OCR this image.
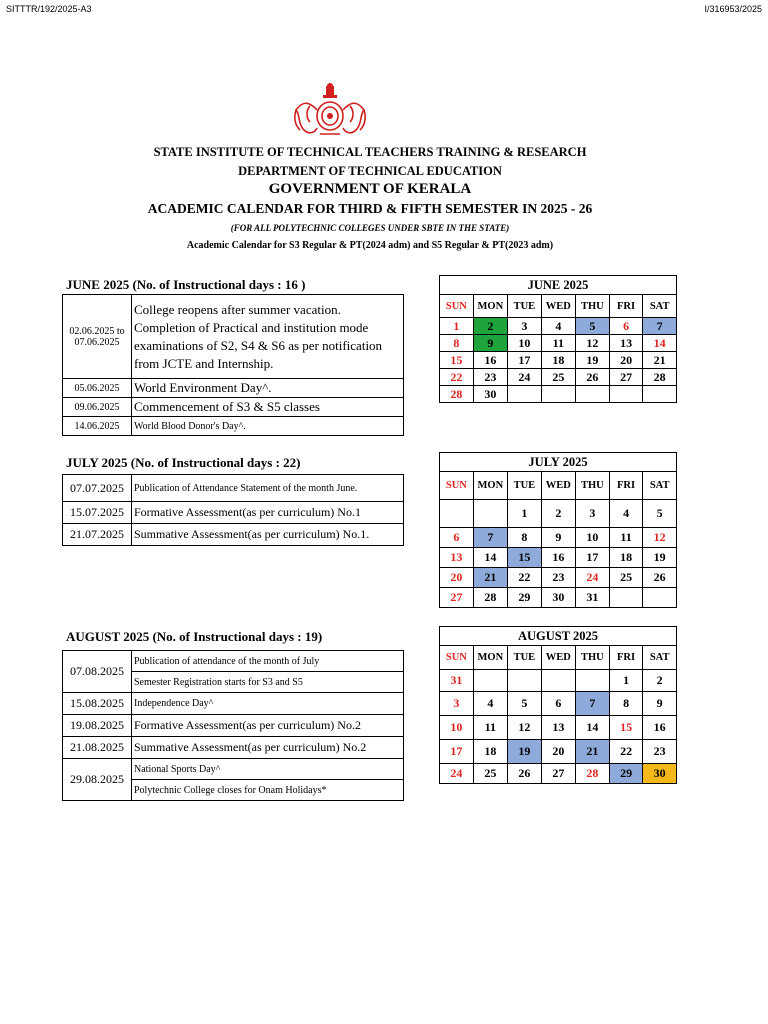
SITTTR/192/2025-A3	I/316953/2025
STATE INSTITUTE OF TECHNICAL TEACHERS TRAINING & RESEARCH
DEPARTMENT OF TECHNICAL EDUCATION
GOVERNMENT OF KERALA
ACADEMIC CALENDAR FOR THIRD & FIFTH SEMESTER IN 2025 - 26
(FOR ALL POLYTECHNIC COLLEGES UNDER SBTE IN THE STATE)
Academic Calendar for S3 Regular & PT(2024 adm) and S5 Regular & PT(2023 adm)
JUNE 2025 (No. of Instructional days : 16 )
02.06.2025 to 07.06.2025	College reopens after summer vacation. Completion of Practical and institution mode examinations of S2, S4 & S6 as per notification from JCTE and Internship.
05.06.2025	World Environment Day^.
09.06.2025	Commencement of S3 & S5 classes
14.06.2025	World Blood Donor's Day^.
JUNE 2025						
SUN	MON	TUE	WED	THU	FRI	SAT
1	2	3	4	5	6	7
8	9	10	11	12	13	14
15	16	17	18	19	20	21
22	23	24	25	26	27	28
28	30					
JULY 2025 (No. of Instructional days : 22)
07.07.2025	Publication of Attendance Statement of the month June.
15.07.2025	Formative Assessment(as per curriculum) No.1
21.07.2025	Summative Assessment(as per curriculum) No.1.
JULY 2025						
SUN	MON	TUE	WED	THU	FRI	SAT
		1	2	3	4	5
6	7	8	9	10	11	12
13	14	15	16	17	18	19
20	21	22	23	24	25	26
27	28	29	30	31		
AUGUST 2025 (No. of Instructional days : 19)
07.08.2025	Publication of attendance of the month of July
	Semester Registration starts for S3 and S5
15.08.2025	Independence Day^
19.08.2025	Formative Assessment(as per curriculum) No.2
21.08.2025	Summative Assessment(as per curriculum) No.2
29.08.2025	National Sports Day^
	Polytechnic College closes for Onam Holidays*
AUGUST 2025						
SUN	MON	TUE	WED	THU	FRI	SAT
31					1	2
3	4	5	6	7	8	9
10	11	12	13	14	15	16
17	18	19	20	21	22	23
24	25	26	27	28	29	30
